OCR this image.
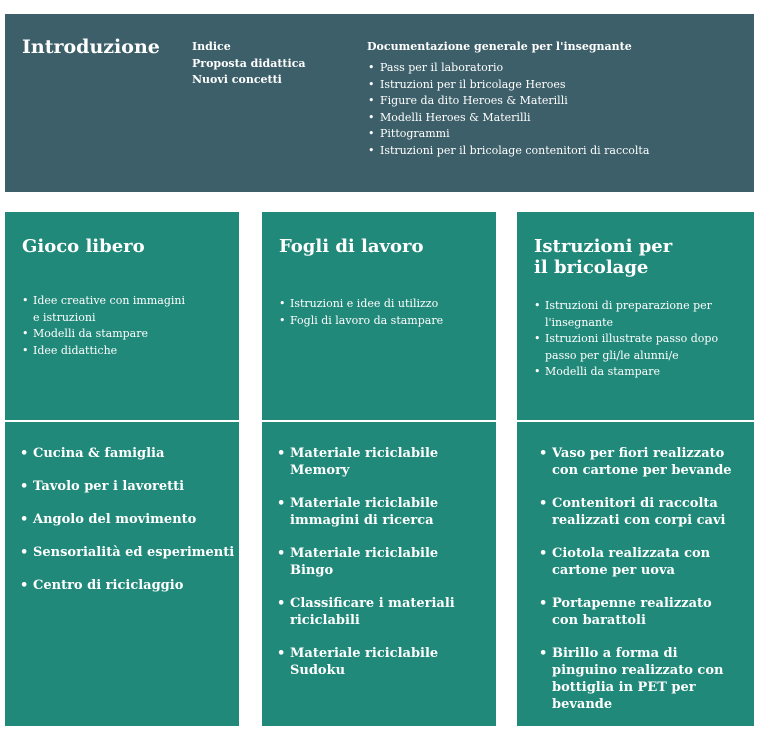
Introduzione	Indice
Proposta didattica
Nuovi concetti

Documentazione generale per l'insegnante

• Pass per il laboratorio
• Istruzioni per il bricolage Heroes
• Figure da dito Heroes & Materilli
• Modelli Heroes & Materilli
• Pittogrammi
• Istruzioni per il bricolage contenitori di raccolta
Gioco libero
• Idee creative con immagini e istruzioni
• Modelli da stampare
• Idee didattiche
• Cucina & famiglia
• Tavolo per i lavoretti
• Angolo del movimento
• Sensorialità ed esperimenti
• Centro di riciclaggio
Fogli di lavoro
• Istruzioni e idee di utilizzo
• Fogli di lavoro da stampare
• Materiale riciclabile Memory
• Materiale riciclabile immagini di ricerca
• Materiale riciclabile Bingo
• Classificare i materiali riciclabili
• Materiale riciclabile Sudoku
Istruzioni per il bricolage
• Istruzioni di preparazione per l'insegnante
• Istruzioni illustrate passo dopo passo per gli/le alunni/e
• Modelli da stampare
• Vaso per fiori realizzato con cartone per bevande
• Contenitori di raccolta realizzati con corpi cavi
• Ciotola realizzata con cartone per uova
• Portapenne realizzato con barattoli
• Birillo a forma di pinguino realizzato con bottiglia in PET per bevande
